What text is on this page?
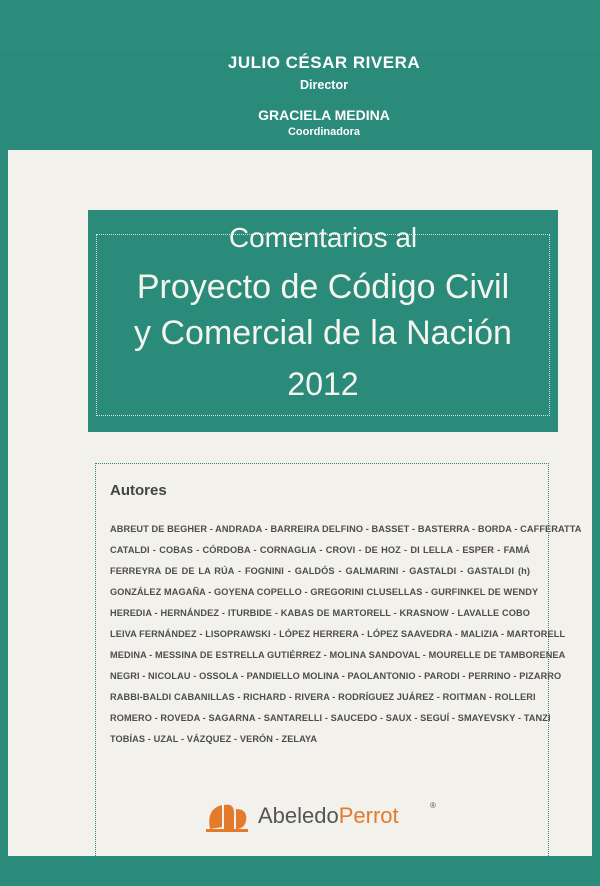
JULIO CÉSAR RIVERA
Director
GRACIELA MEDINA
Coordinadora
Comentarios al
Proyecto de Código Civil
y Comercial de la Nación
2012
Autores
ABREUT DE BEGHER - ANDRADA - BARREIRA DELFINO - BASSET - BASTERRA - BORDA - CAFFERATTA
CATALDI - COBAS - CÓRDOBA - CORNAGLIA - CROVI - DE HOZ - DI LELLA - ESPER - FAMÁ
FERREYRA DE DE LA RÚA - FOGNINI - GALDÓS - GALMARINI - GASTALDI - GASTALDI (h)
GONZÁLEZ MAGAÑA - GOYENA COPELLO - GREGORINI CLUSELLAS - GURFINKEL DE WENDY
HEREDIA - HERNÁNDEZ - ITURBIDE - KABAS DE MARTORELL - KRASNOW - LAVALLE COBO
LEIVA FERNÁNDEZ - LISOPRAWSKI - LÓPEZ HERRERA - LÓPEZ SAAVEDRA - MALIZIA - MARTORELL
MEDINA - MESSINA DE ESTRELLA GUTIÉRREZ - MOLINA SANDOVAL - MOURELLE DE TAMBORENEA
NEGRI - NICOLAU - OSSOLA - PANDIELLO MOLINA - PAOLANTONIO - PARODI - PERRINO - PIZARRO
RABBI-BALDI CABANILLAS - RICHARD - RIVERA - RODRÍGUEZ JUÁREZ - ROITMAN - ROLLERI
ROMERO - ROVEDA - SAGARNA - SANTARELLI - SAUCEDO - SAUX - SEGUÍ - SMAYEVSKY - TANZI
TOBÍAS - UZAL - VÁZQUEZ - VERÓN - ZELAYA
AbeledoPerrot	®
